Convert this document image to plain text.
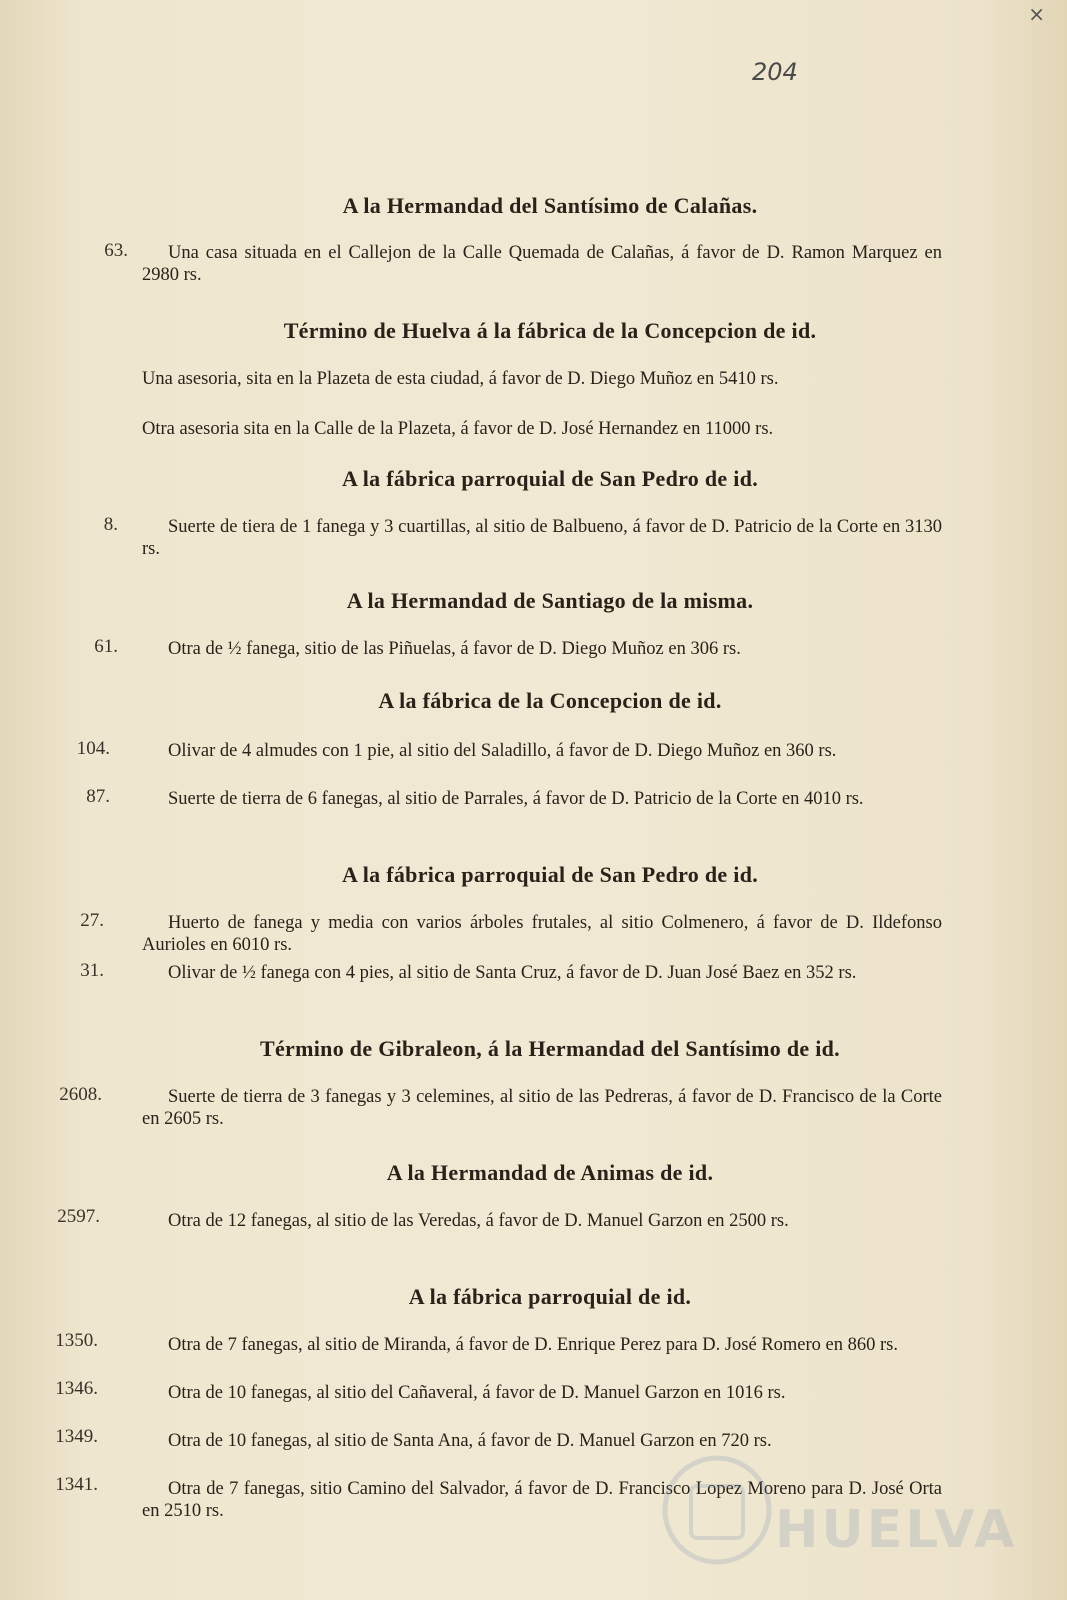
×
204
A la Hermandad del Santísimo de Calañas.
63.	Una casa situada en el Callejon de la Calle Quemada de Calañas, á favor de D. Ramon Marquez en 2980 rs.
Término de Huelva á la fábrica de la Concepcion de id.
Una asesoria, sita en la Plazeta de esta ciudad, á favor de D. Diego Muñoz en 5410 rs.
Otra asesoria sita en la Calle de la Plazeta, á favor de D. José Hernandez en 11000 rs.
A la fábrica parroquial de San Pedro de id.
8.	Suerte de tiera de 1 fanega y 3 cuartillas, al sitio de Balbueno, á favor de D. Patricio de la Corte en 3130 rs.
A la Hermandad de Santiago de la misma.
61.	Otra de ½ fanega, sitio de las Piñuelas, á favor de D. Diego Muñoz en 306 rs.
A la fábrica de la Concepcion de id.
104.	Olivar de 4 almudes con 1 pie, al sitio del Saladillo, á favor de D. Diego Muñoz en 360 rs.
87.	Suerte de tierra de 6 fanegas, al sitio de Parrales, á favor de D. Patricio de la Corte en 4010 rs.
A la fábrica parroquial de San Pedro de id.
27.	Huerto de fanega y media con varios árboles frutales, al sitio Colmenero, á favor de D. Ildefonso Aurioles en 6010 rs.
31.	Olivar de ½ fanega con 4 pies, al sitio de Santa Cruz, á favor de D. Juan José Baez en 352 rs.
Término de Gibraleon, á la Hermandad del Santísimo de id.
2608.	Suerte de tierra de 3 fanegas y 3 celemines, al sitio de las Pedreras, á favor de D. Francisco de la Corte en 2605 rs.
A la Hermandad de Animas de id.
2597.	Otra de 12 fanegas, al sitio de las Veredas, á favor de D. Manuel Garzon en 2500 rs.
A la fábrica parroquial de id.
1350.	Otra de 7 fanegas, al sitio de Miranda, á favor de D. Enrique Perez para D. José Romero en 860 rs.
1346.	Otra de 10 fanegas, al sitio del Cañaveral, á favor de D. Manuel Garzon en 1016 rs.
1349.	Otra de 10 fanegas, al sitio de Santa Ana, á favor de D. Manuel Garzon en 720 rs.
1341.	Otra de 7 fanegas, sitio Camino del Salvador, á favor de D. Francisco Lopez Moreno para D. José Orta en 2510 rs.	HUELVA
